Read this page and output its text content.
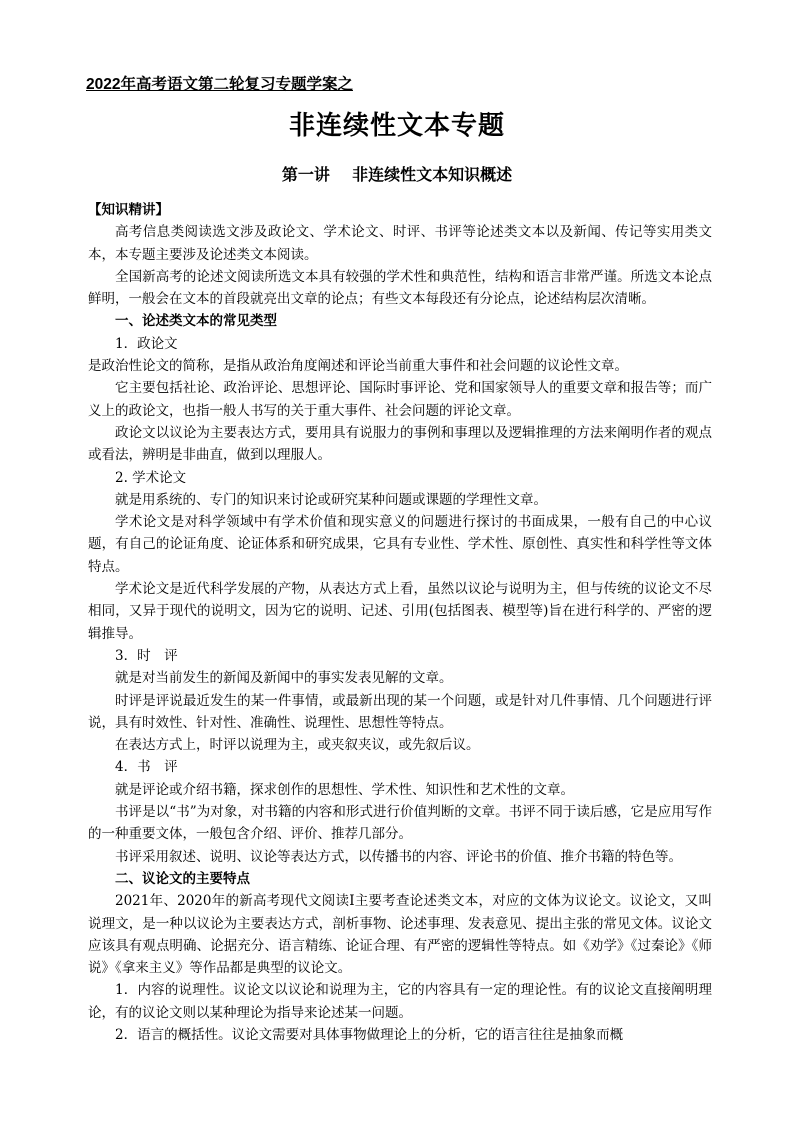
2022年高考语文第二轮复习专题学案之
非连续性文本专题
第一讲    非连续性文本知识概述

【知识精讲】

高考信息类阅读选文涉及政论文、学术论文、时评、书评等论述类文本以及新闻、传记等实用类文本，本专题主要涉及论述类文本阅读。

全国新高考的论述文阅读所选文本具有较强的学术性和典范性，结构和语言非常严谨。所选文本论点鲜明，一般会在文本的首段就亮出文章的论点；有些文本每段还有分论点，论述结构层次清晰。

一、论述类文本的常见类型

1．政论文

是政治性论文的简称，是指从政治角度阐述和评论当前重大事件和社会问题的议论性文章。

它主要包括社论、政治评论、思想评论、国际时事评论、党和国家领导人的重要文章和报告等；而广义上的政论文，也指一般人书写的关于重大事件、社会问题的评论文章。

政论文以议论为主要表达方式，要用具有说服力的事例和事理以及逻辑推理的方法来阐明作者的观点或看法，辨明是非曲直，做到以理服人。

2. 学术论文

就是用系统的、专门的知识来讨论或研究某种问题或课题的学理性文章。

学术论文是对科学领域中有学术价值和现实意义的问题进行探讨的书面成果，一般有自己的中心议题，有自己的论证角度、论证体系和研究成果，它具有专业性、学术性、原创性、真实性和科学性等文体特点。

学术论文是近代科学发展的产物，从表达方式上看，虽然以议论与说明为主，但与传统的议论文不尽相同，又异于现代的说明文，因为它的说明、记述、引用(包括图表、模型等)旨在进行科学的、严密的逻辑推导。

3．时　评

就是对当前发生的新闻及新闻中的事实发表见解的文章。

时评是评说最近发生的某一件事情，或最新出现的某一个问题，或是针对几件事情、几个问题进行评说，具有时效性、针对性、准确性、说理性、思想性等特点。

在表达方式上，时评以说理为主，或夹叙夹议，或先叙后议。

4．书　评

就是评论或介绍书籍，探求创作的思想性、学术性、知识性和艺术性的文章。

书评是以“书”为对象，对书籍的内容和形式进行价值判断的文章。书评不同于读后感，它是应用写作的一种重要文体，一般包含介绍、评价、推荐几部分。

书评采用叙述、说明、议论等表达方式，以传播书的内容、评论书的价值、推介书籍的特色等。

二、议论文的主要特点

2021年、2020年的新高考现代文阅读Ⅰ主要考查论述类文本，对应的文体为议论文。议论文，又叫说理文，是一种以议论为主要表达方式，剖析事物、论述事理、发表意见、提出主张的常见文体。议论文应该具有观点明确、论据充分、语言精练、论证合理、有严密的逻辑性等特点。如《劝学》《过秦论》《师说》《拿来主义》等作品都是典型的议论文。

1．内容的说理性。议论文以议论和说理为主，它的内容具有一定的理论性。有的议论文直接阐明理论，有的议论文则以某种理论为指导来论述某一问题。

2．语言的概括性。议论文需要对具体事物做理论上的分析，它的语言往往是抽象而概
